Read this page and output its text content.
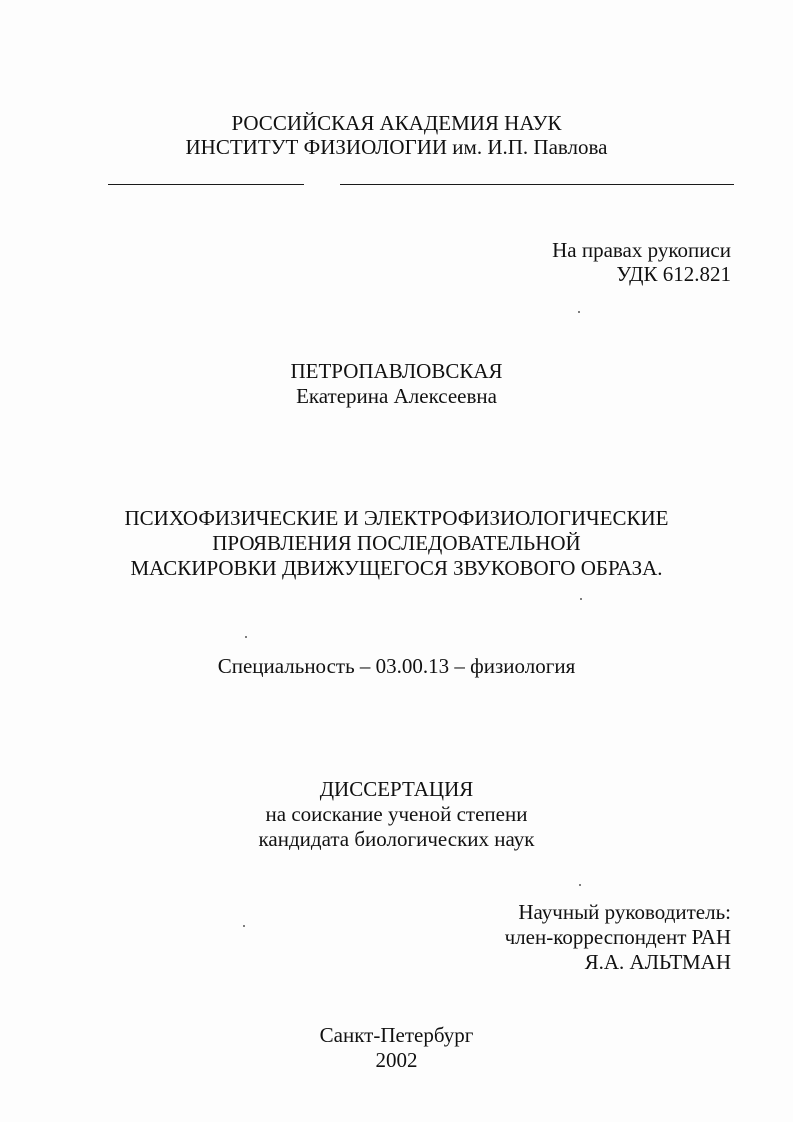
РОССИЙСКАЯ АКАДЕМИЯ НАУК
ИНСТИТУТ ФИЗИОЛОГИИ им. И.П. Павлова
На правах рукописи
УДК 612.821
ПЕТРОПАВЛОВСКАЯ
Екатерина Алексеевна
ПСИХОФИЗИЧЕСКИЕ И ЭЛЕКТРОФИЗИОЛОГИЧЕСКИЕ
ПРОЯВЛЕНИЯ ПОСЛЕДОВАТЕЛЬНОЙ
МАСКИРОВКИ ДВИЖУЩЕГОСЯ ЗВУКОВОГО ОБРАЗА.
Специальность – 03.00.13 – физиология
ДИССЕРТАЦИЯ
на соискание ученой степени
кандидата биологических наук
Научный руководитель:
член-корреспондент РАН
Я.А. АЛЬТМАН
Санкт-Петербург
2002
